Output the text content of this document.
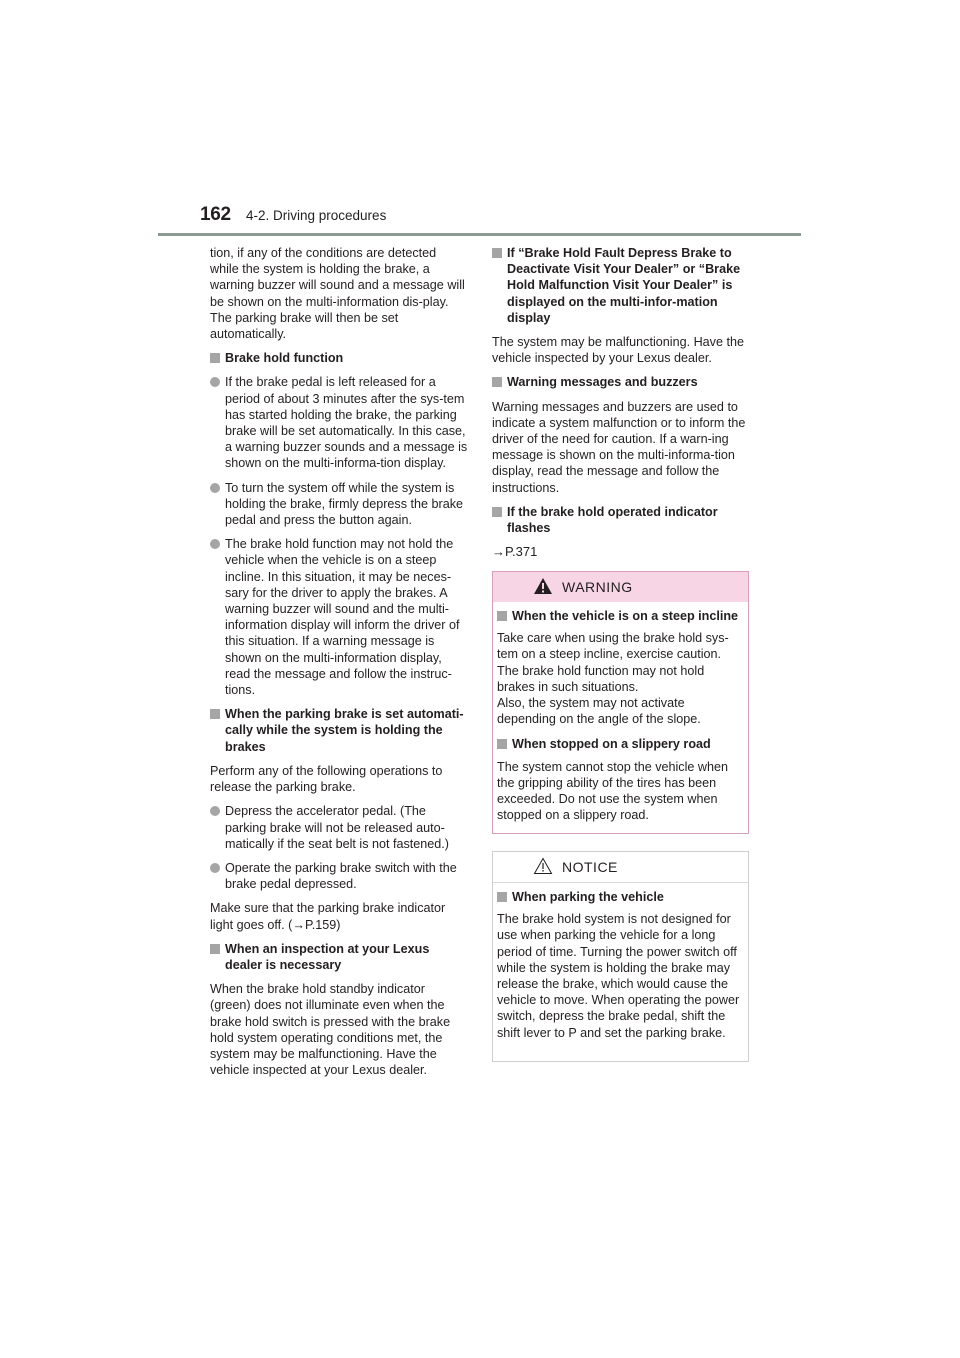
162 4-2. Driving procedures

tion, if any of the conditions are detected while the system is holding the brake, a warning buzzer will sound and a message will be shown on the multi-information dis-play. The parking brake will then be set automatically.

Brake hold function
If the brake pedal is left released for a period of about 3 minutes after the sys-tem has started holding the brake, the parking brake will be set automatically. In this case, a warning buzzer sounds and a message is shown on the multi-informa-tion display.
To turn the system off while the system is holding the brake, firmly depress the brake pedal and press the button again.
The brake hold function may not hold the vehicle when the vehicle is on a steep incline. In this situation, it may be neces-sary for the driver to apply the brakes. A warning buzzer will sound and the multi-information display will inform the driver of this situation. If a warning message is shown on the multi-information display, read the message and follow the instruc-tions.
When the parking brake is set automati-cally while the system is holding the brakes

Perform any of the following operations to release the parking brake.

Depress the accelerator pedal. (The parking brake will not be released auto-matically if the seat belt is not fastened.)
Operate the parking brake switch with the brake pedal depressed.

Make sure that the parking brake indicator light goes off. (→P.159)

When an inspection at your Lexus dealer is necessary

When the brake hold standby indicator (green) does not illuminate even when the brake hold switch is pressed with the brake hold system operating conditions met, the system may be malfunctioning. Have the vehicle inspected at your Lexus dealer.

If “Brake Hold Fault Depress Brake to Deactivate Visit Your Dealer” or “Brake Hold Malfunction Visit Your Dealer” is displayed on the multi-infor-mation display

The system may be malfunctioning. Have the vehicle inspected by your Lexus dealer.

Warning messages and buzzers

Warning messages and buzzers are used to indicate a system malfunction or to inform the driver of the need for caution. If a warn-ing message is shown on the multi-informa-tion display, read the message and follow the instructions.

If the brake hold operated indicator flashes

→P.371

WARNING
When the vehicle is on a steep incline

Take care when using the brake hold sys-tem on a steep incline, exercise caution. The brake hold function may not hold brakes in such situations.
Also, the system may not activate depending on the angle of the slope.

When stopped on a slippery road

The system cannot stop the vehicle when the gripping ability of the tires has been exceeded. Do not use the system when stopped on a slippery road.

NOTICE
When parking the vehicle

The brake hold system is not designed for use when parking the vehicle for a long period of time. Turning the power switch off while the system is holding the brake may release the brake, which would cause the vehicle to move. When operating the power switch, depress the brake pedal, shift the shift lever to P and set the parking brake.
